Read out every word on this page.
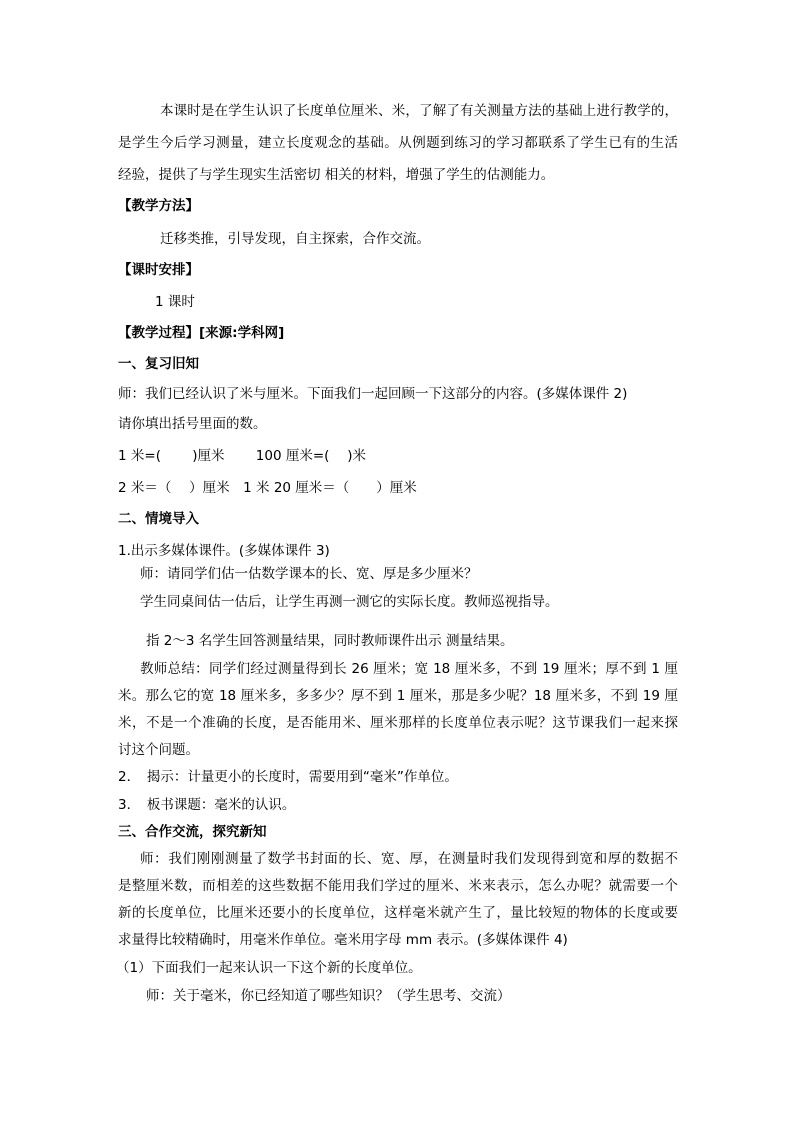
本课时是在学生认识了长度单位厘米、米，了解了有关测量方法的基础上进行教学的，
是学生今后学习测量，建立长度观念的基础。从例题到练习的学习都联系了学生已有的生活
经验，提供了与学生现实生活密切 相关的材料，增强了学生的估测能力。
【教学方法】
迁移类推，引导发现，自主探索，合作交流。
【课时安排】
1 课时
【教学过程】[来源:学科网]
一、复习旧知
师：我们已经认识了米与厘米。下面我们一起回顾一下这部分的内容。(多媒体课件 2)
请你填出括号里面的数。
1 米=(　　 )厘米　　 100 厘米=(　 )米
2 米＝（　 ）厘米　1 米 20 厘米＝（　　）厘米
二、情境导入
1.出示多媒体课件。(多媒体课件 3)
师：请同学们估一估数学课本的长、宽、厚是多少厘米？
学生同桌间估一估后，让学生再测一测它的实际长度。教师巡视指导。
指 2～3 名学生回答测量结果，同时教师课件出示 测量结果。
教师总结：同学们经过测量得到长 26 厘米；宽 18 厘米多，不到 19 厘米；厚不到 1 厘
米。那么它的宽 18 厘米多，多多少？厚不到 1 厘米，那是多少呢？18 厘米多，不到 19 厘
米，不是一个准确的长度，是否能用米、厘米那样的长度单位表示呢？这节课我们一起来探
讨这个问题。
2．　揭示：计量更小的长度时，需要用到“毫米”作单位。
3．　板书课题：毫米的认识。
三、合作交流，探究新知
师：我们刚刚测量了数学书封面的长、宽、厚，在测量时我们发现得到宽和厚的数据不
是整厘米数，而相差的这些数据不能用我们学过的厘米、米来表示，怎么办呢？就需要一个
新的长度单位，比厘米还要小的长度单位，这样毫米就产生了，量比较短的物体的长度或要
求量得比较精确时，用毫米作单位。毫米用字母 mm 表示。(多媒体课件 4)
（1）下面我们一起来认识一下这个新的长度单位。
师：关于毫米，你已经知道了哪些知识？（学生思考、交流）
